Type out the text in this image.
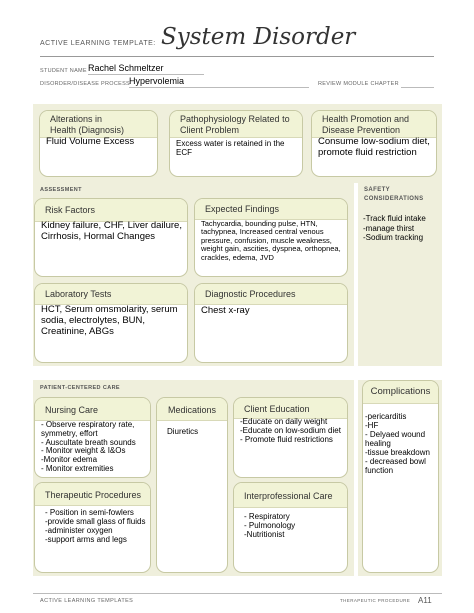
ACTIVE LEARNING TEMPLATE: System Disorder
STUDENT NAME Rachel Schmeltzer
DISORDER/DISEASE PROCESS
Hypervolemia	REVIEW MODULE CHAPTER
Alterations in Health (Diagnosis)
Fluid Volume Excess
Pathophysiology Related to Client Problem
Excess water is retained in the ECF
Health Promotion and Disease Prevention
Consume low-sodium diet, promote fluid restriction
ASSESSMENT
Risk Factors
Kidney failure, CHF, Liver dailure, Cirrhosis, Hormal Changes
Expected Findings
Tachycardia, bounding pulse, HTN, tachypnea, Increased central venous pressure, confusion, muscle weakness, weight gain, ascities, dyspnea, orthopnea, crackles, edema, JVD
Laboratory Tests
HCT, Serum omsmolarity, serum sodia, electrolytes, BUN, Creatinine, ABGs
Diagnostic Procedures
Chest x-ray
SAFETY CONSIDERATIONS
-Track fluid intake
-manage thirst
-Sodium tracking
PATIENT-CENTERED CARE
Nursing Care
- Observe respiratory rate, symmetry, effort
- Auscultate breath sounds
- Monitor weight & I&Os
-Monitor edema
- Monitor extremities
Medications
Diuretics
Client Education
-Educate on daily weight
-Educate on low-sodium diet
- Promote fluid restrictions
Therapeutic Procedures
- Position in semi-fowlers
-provide small glass of fluids
-administer oxygen
-support arms and legs
Interprofessional Care
- Respiratory
- Pulmonology
-Nutritionist
Complications
-pericarditis
-HF
- Delyaed wound healing
-tissue breakdown
- decreased bowl function
ACTIVE LEARNING TEMPLATES	THERAPEUTIC PROCEDURE A11
